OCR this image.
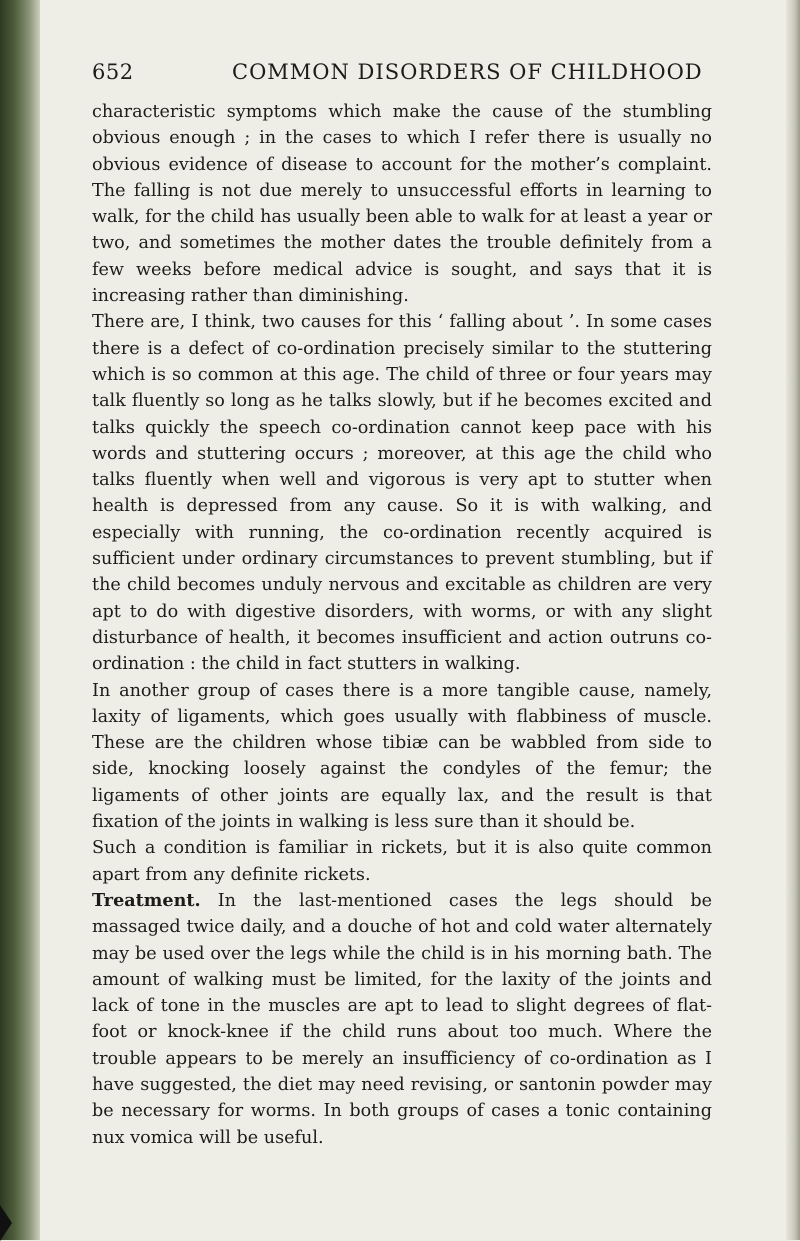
652	COMMON DISORDERS OF CHILDHOOD

characteristic symptoms which make the cause of the stumbling obvious enough ; in the cases to which I refer there is usually no obvious evidence of disease to account for the mother’s complaint. The falling is not due merely to unsuccessful efforts in learning to walk, for the child has usually been able to walk for at least a year or two, and sometimes the mother dates the trouble definitely from a few weeks before medical advice is sought, and says that it is increasing rather than diminishing.

There are, I think, two causes for this ‘ falling about ’. In some cases there is a defect of co-ordination precisely similar to the stuttering which is so common at this age. The child of three or four years may talk fluently so long as he talks slowly, but if he becomes excited and talks quickly the speech co-ordination cannot keep pace with his words and stuttering occurs ; moreover, at this age the child who talks fluently when well and vigorous is very apt to stutter when health is depressed from any cause. So it is with walking, and especially with running, the co-ordination recently acquired is sufficient under ordinary circumstances to prevent stumbling, but if the child becomes unduly nervous and excitable as children are very apt to do with digestive disorders, with worms, or with any slight disturbance of health, it becomes insufficient and action outruns co-ordination : the child in fact stutters in walking.

In another group of cases there is a more tangible cause, namely, laxity of ligaments, which goes usually with flabbiness of muscle. These are the children whose tibiæ can be wabbled from side to side, knocking loosely against the condyles of the femur; the ligaments of other joints are equally lax, and the result is that fixation of the joints in walking is less sure than it should be.

Such a condition is familiar in rickets, but it is also quite common apart from any definite rickets.

Treatment. In the last-mentioned cases the legs should be massaged twice daily, and a douche of hot and cold water alternately may be used over the legs while the child is in his morning bath. The amount of walking must be limited, for the laxity of the joints and lack of tone in the muscles are apt to lead to slight degrees of flat-foot or knock-knee if the child runs about too much. Where the trouble appears to be merely an insufficiency of co-ordination as I have suggested, the diet may need revising, or santonin powder may be necessary for worms. In both groups of cases a tonic containing nux vomica will be useful.
